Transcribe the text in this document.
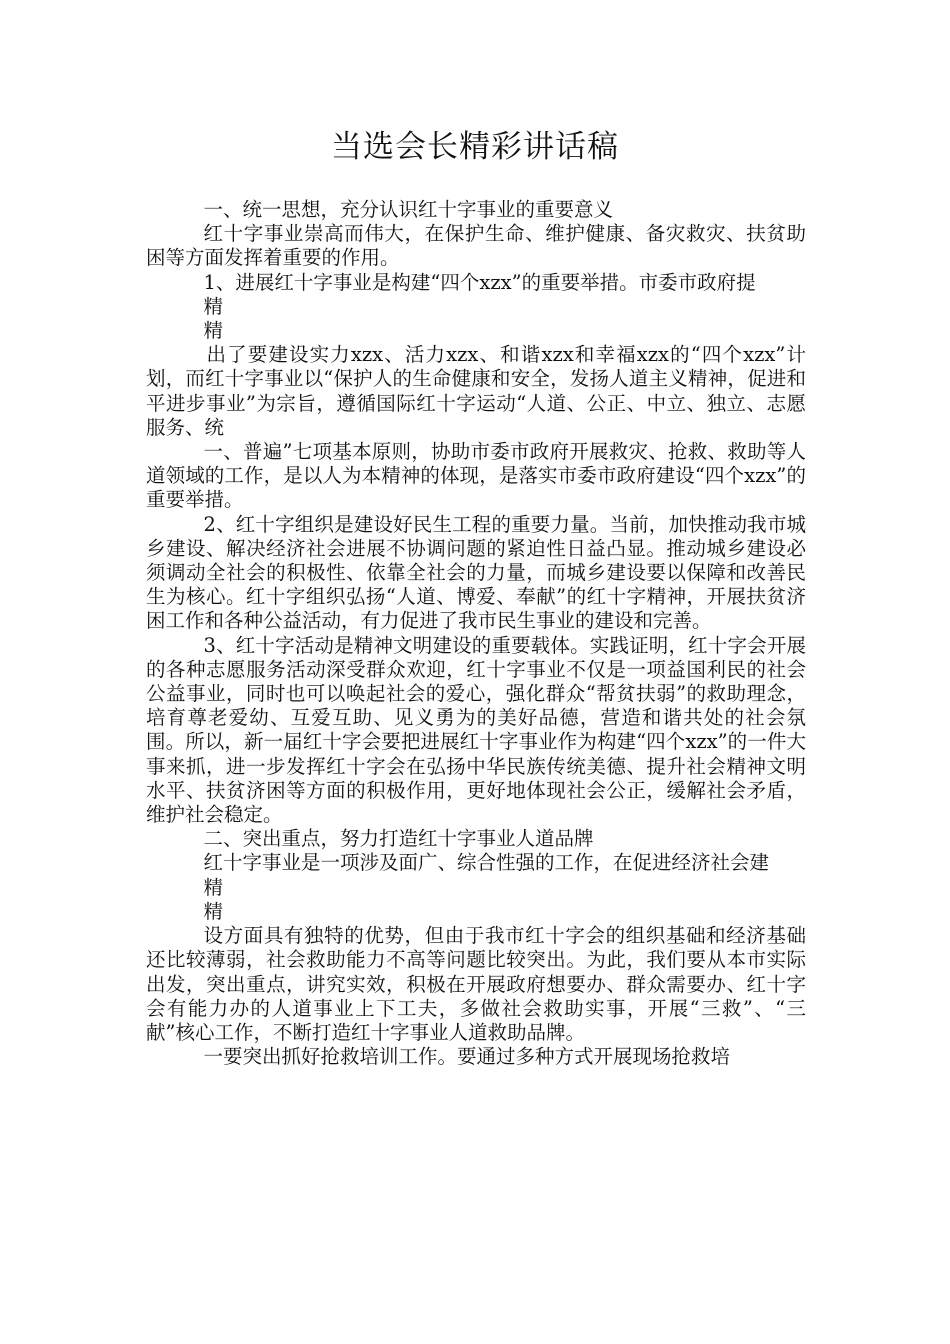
当选会长精彩讲话稿

一、统一思想，充分认识红十字事业的重要意义

红十字事业崇高而伟大，在保护生命、维护健康、备灾救灾、扶贫助困等方面发挥着重要的作用。

1、进展红十字事业是构建“四个xzx”的重要举措。市委市政府提

精

精

出了要建设实力xzx、活力xzx、和谐xzx和幸福xzx的“四个xzx”计划，而红十字事业以“保护人的生命健康和安全，发扬人道主义精神，促进和平进步事业”为宗旨，遵循国际红十字运动“人道、公正、中立、独立、志愿服务、统

一、普遍”七项基本原则，协助市委市政府开展救灾、抢救、救助等人道领域的工作，是以人为本精神的体现，是落实市委市政府建设“四个xzx”的重要举措。

2、红十字组织是建设好民生工程的重要力量。当前，加快推动我市城乡建设、解决经济社会进展不协调问题的紧迫性日益凸显。推动城乡建设必须调动全社会的积极性、依靠全社会的力量，而城乡建设要以保障和改善民生为核心。红十字组织弘扬“人道、博爱、奉献”的红十字精神，开展扶贫济困工作和各种公益活动，有力促进了我市民生事业的建设和完善。

3、红十字活动是精神文明建设的重要载体。实践证明，红十字会开展的各种志愿服务活动深受群众欢迎，红十字事业不仅是一项益国利民的社会公益事业，同时也可以唤起社会的爱心，强化群众“帮贫扶弱”的救助理念，培育尊老爱幼、互爱互助、见义勇为的美好品德，营造和谐共处的社会氛围。所以，新一届红十字会要把进展红十字事业作为构建“四个xzx”的一件大事来抓，进一步发挥红十字会在弘扬中华民族传统美德、提升社会精神文明水平、扶贫济困等方面的积极作用，更好地体现社会公正，缓解社会矛盾，维护社会稳定。

二、突出重点，努力打造红十字事业人道品牌

红十字事业是一项涉及面广、综合性强的工作，在促进经济社会建

精

精

设方面具有独特的优势，但由于我市红十字会的组织基础和经济基础还比较薄弱，社会救助能力不高等问题比较突出。为此，我们要从本市实际出发，突出重点，讲究实效，积极在开展政府想要办、群众需要办、红十字会有能力办的人道事业上下工夫，多做社会救助实事，开展“三救”、“三献”核心工作，不断打造红十字事业人道救助品牌。

一要突出抓好抢救培训工作。要通过多种方式开展现场抢救培
